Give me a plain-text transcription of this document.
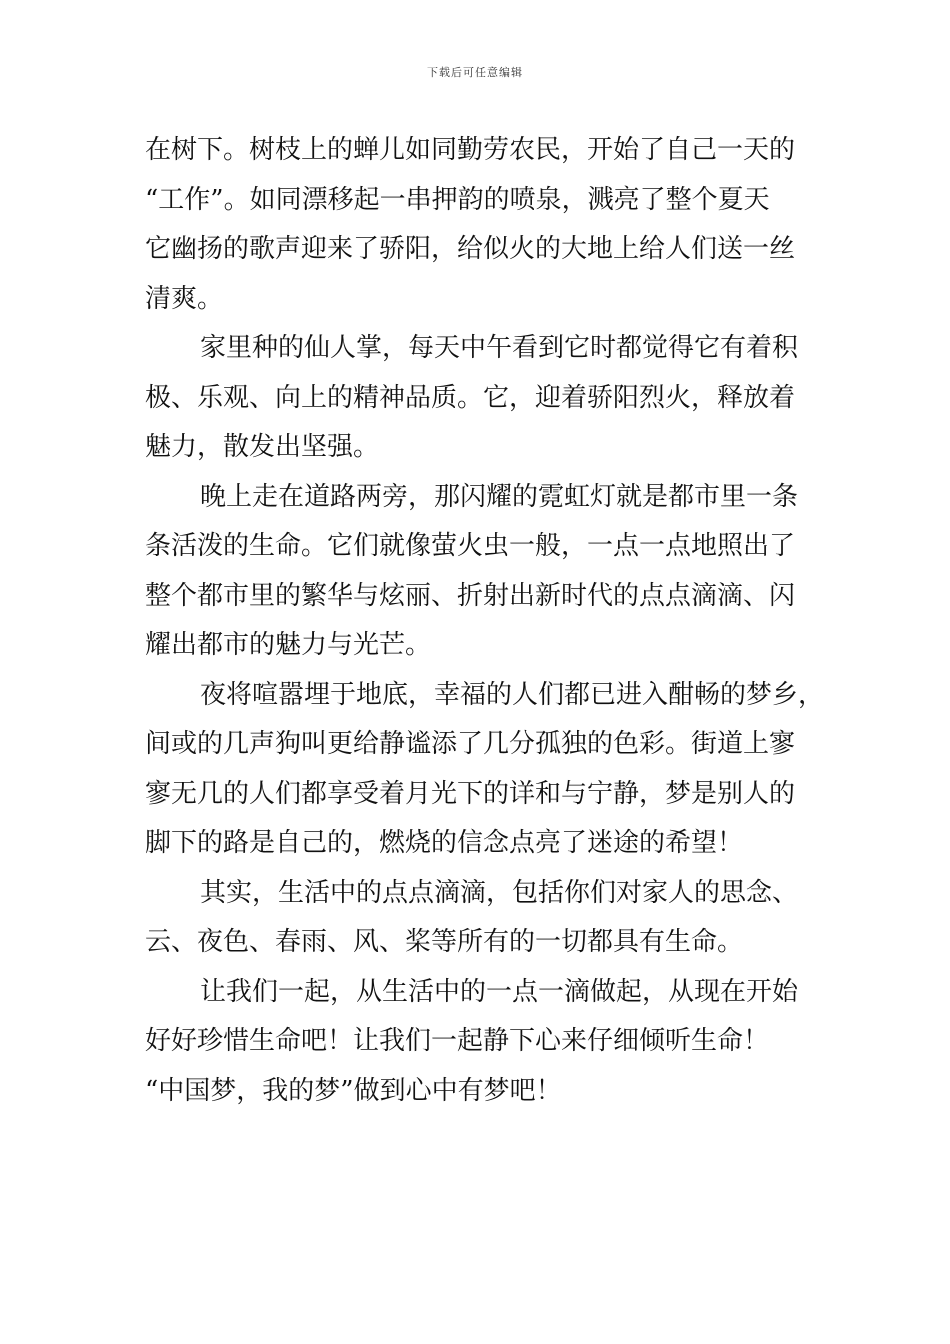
下载后可任意编辑
在树下。树枝上的蝉儿如同勤劳农民，开始了自己一天的
“工作”。如同漂移起一串押韵的喷泉，溅亮了整个夏天
它幽扬的歌声迎来了骄阳，给似火的大地上给人们送一丝
清爽。
家里种的仙人掌，每天中午看到它时都觉得它有着积
极、乐观、向上的精神品质。它，迎着骄阳烈火，释放着
魅力，散发出坚强。
晚上走在道路两旁，那闪耀的霓虹灯就是都市里一条
条活泼的生命。它们就像萤火虫一般，一点一点地照出了
整个都市里的繁华与炫丽、折射出新时代的点点滴滴、闪
耀出都市的魅力与光芒。
夜将喧嚣埋于地底，幸福的人们都已进入酣畅的梦乡，
间或的几声狗叫更给静谧添了几分孤独的色彩。街道上寥
寥无几的人们都享受着月光下的详和与宁静，梦是别人的
脚下的路是自己的，燃烧的信念点亮了迷途的希望！
其实，生活中的点点滴滴，包括你们对家人的思念、
云、夜色、春雨、风、桨等所有的一切都具有生命。
让我们一起，从生活中的一点一滴做起，从现在开始
好好珍惜生命吧！让我们一起静下心来仔细倾听生命！
“中国梦，我的梦”做到心中有梦吧！
